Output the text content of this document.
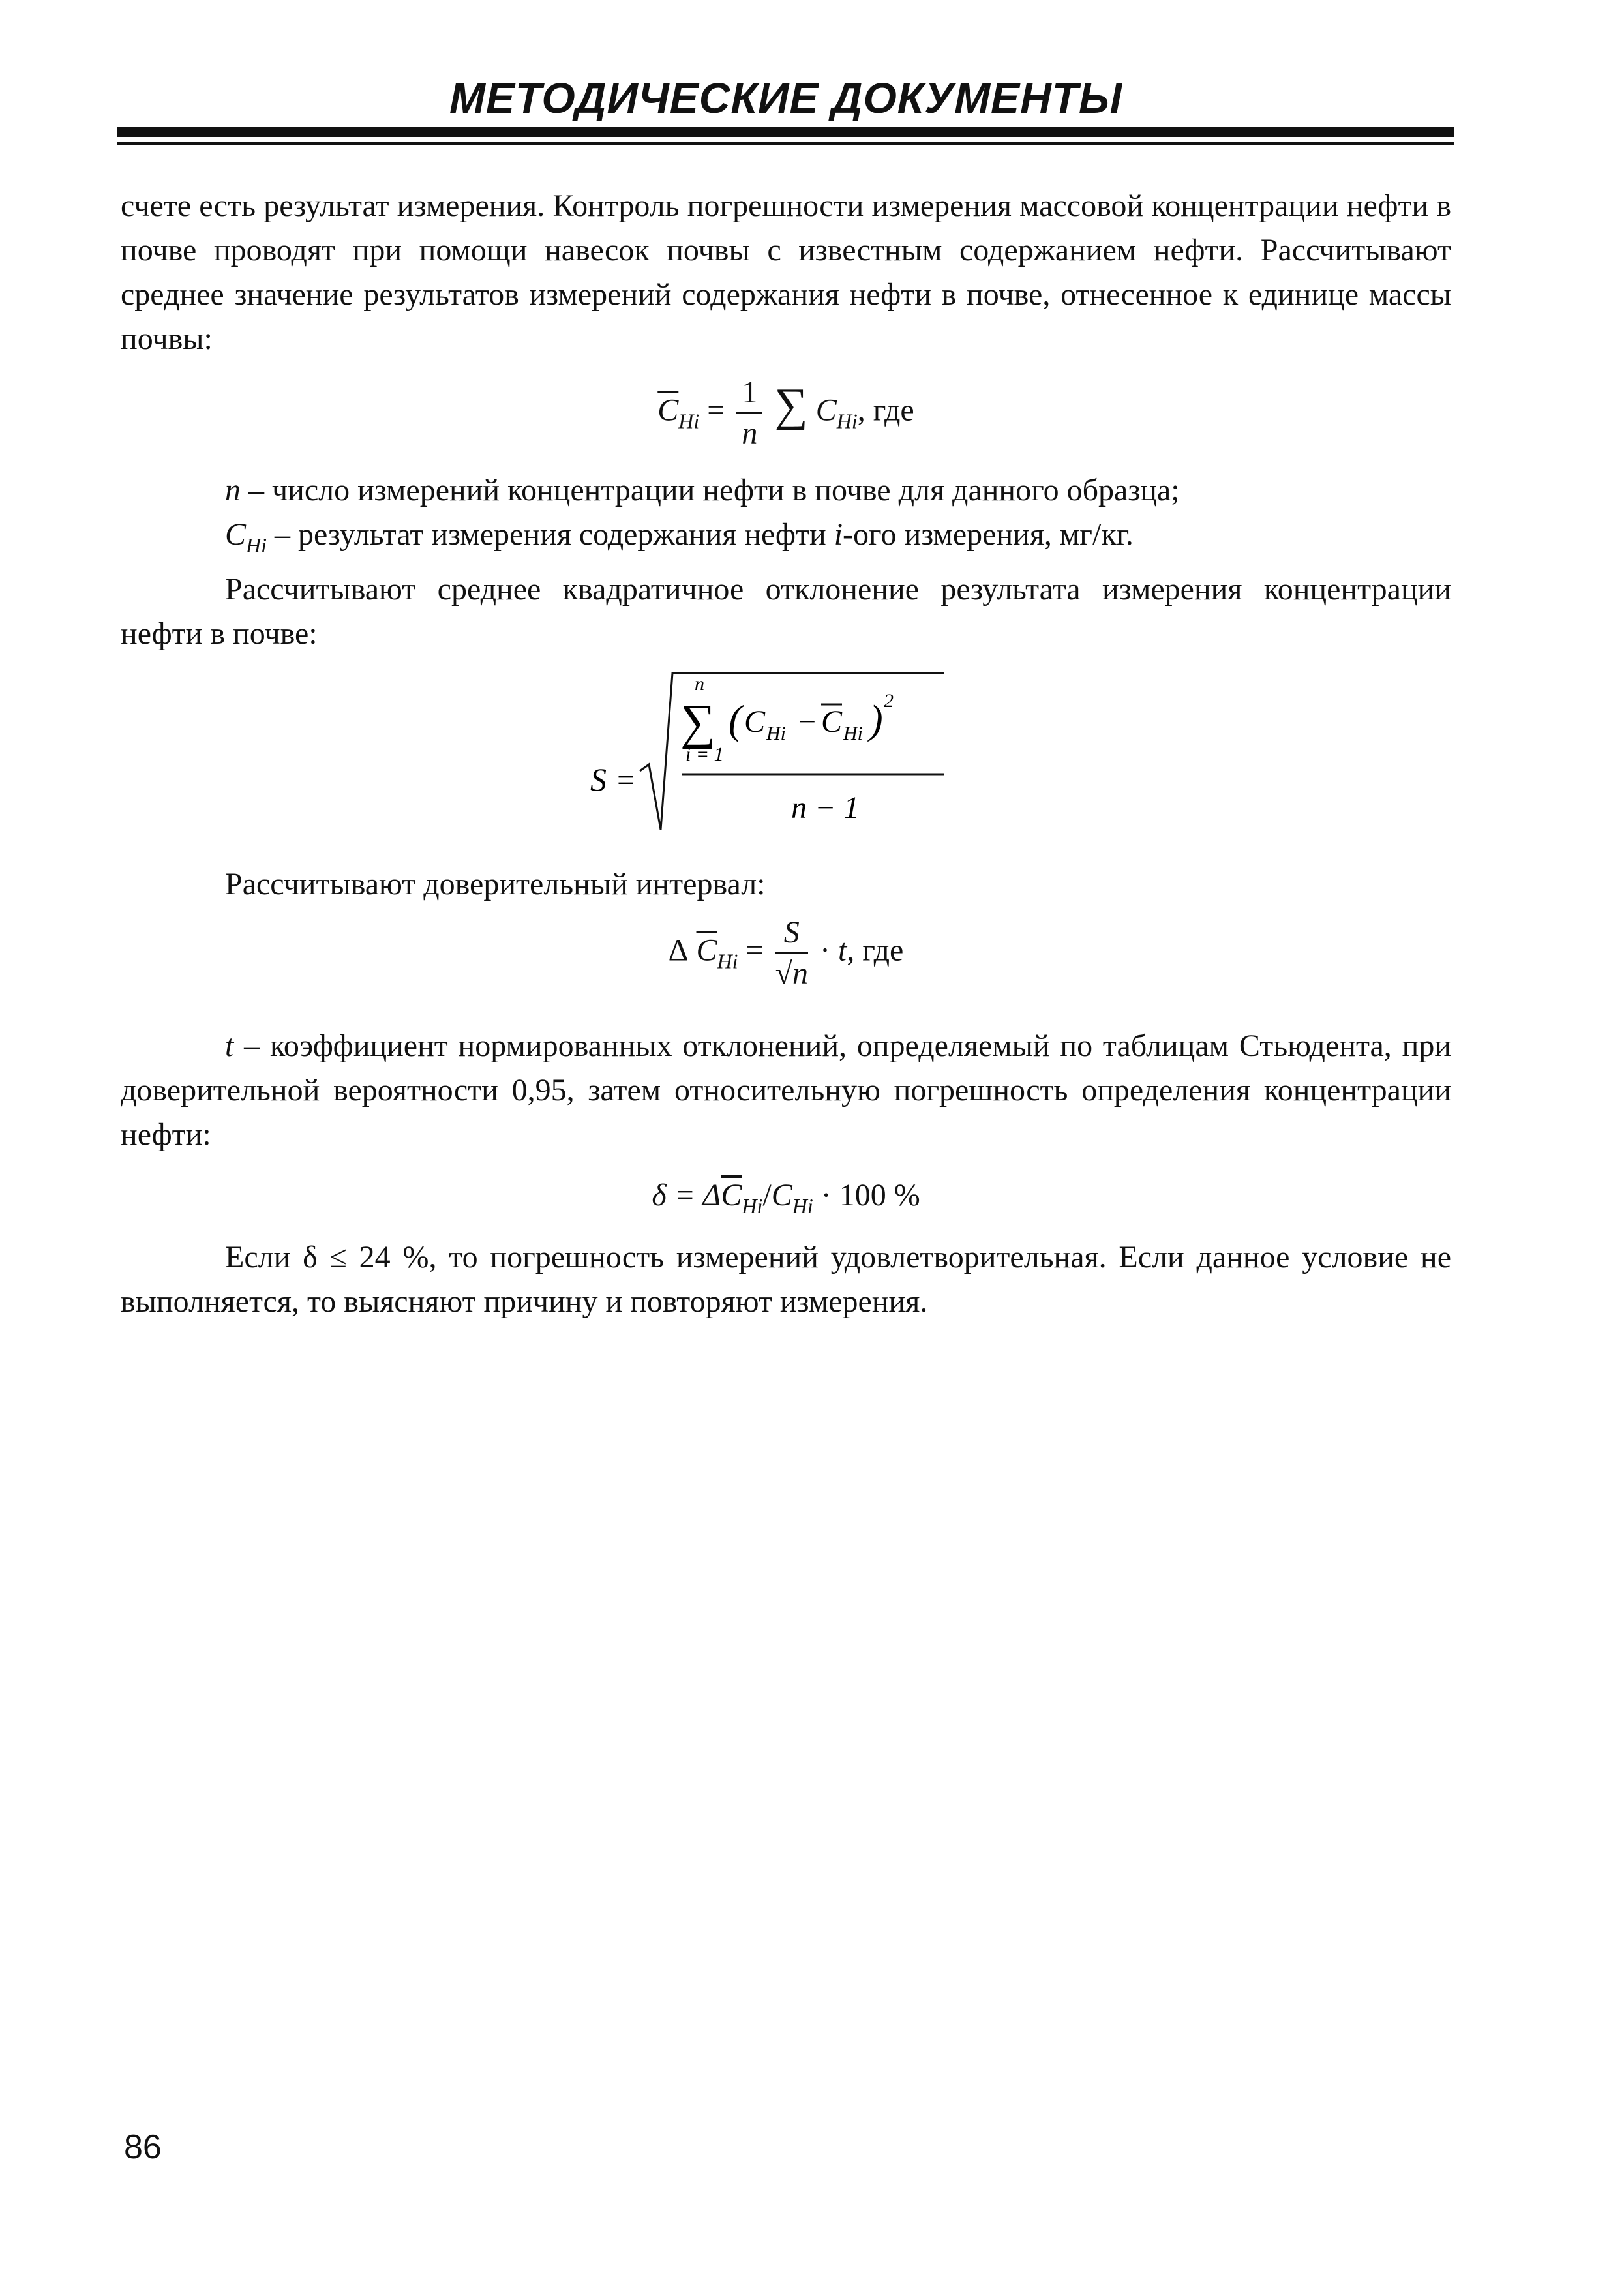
МЕТОДИЧЕСКИЕ ДОКУМЕНТЫ

счете есть результат измерения. Контроль погрешности измерения массовой концентрации нефти в почве проводят при помощи навесок почвы с известным содержанием нефти. Рассчитывают среднее значение результатов измерений содержания нефти в почве, отнесенное к единице массы почвы:

$\overline{C}_{Hi} = \frac{1}{n}$ ∑ $C_{Hi}$, где

n – число измерений концентрации нефти в почве для данного образца;

$C_{Hi}$ – результат измерения содержания нефти i-ого измерения, мг/кг.

Рассчитывают среднее квадратичное отклонение результата измерения концентрации нефти в почве:

S =
n
∑
i = 1
( C Hi − C Hi ) 2
n − 1

Рассчитывают доверительный интервал:

Δ $\overline{C}_{Hi} = \frac{S}{√n} \cdot t$, где

t – коэффициент нормированных отклонений, определяемый по таблицам Стьюдента, при доверительной вероятности 0,95, затем относительную погрешность определения концентрации нефти:

$\delta = \Delta\overline{C}_{Hi}/C_{Hi} \cdot 100$ %

Если δ ≤ 24 %, то погрешность измерений удовлетворительная. Если данное условие не выполняется, то выясняют причину и повторяют измерения.

86
